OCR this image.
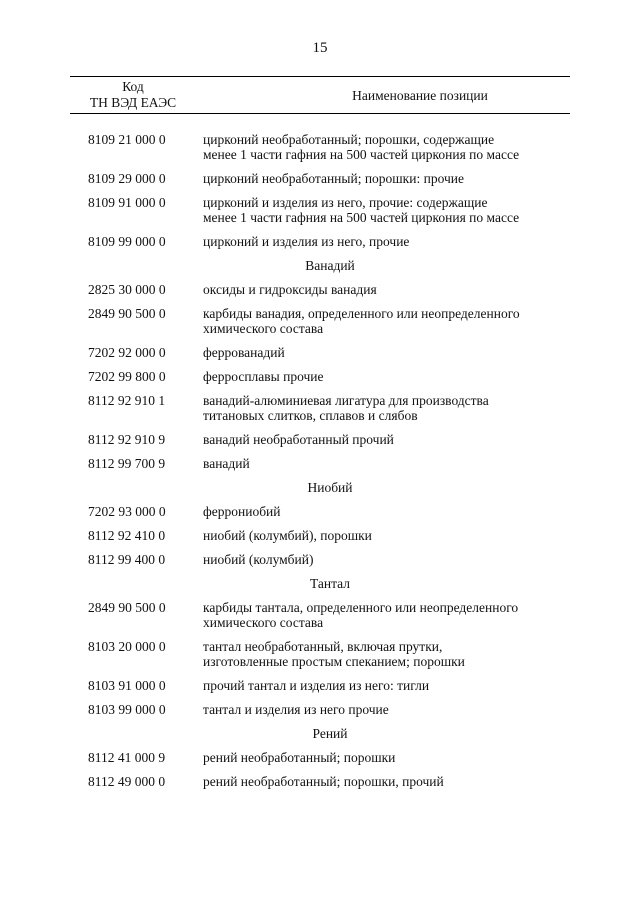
15
Код
ТН ВЭД ЕАЭС	Наименование позиции
8109 21 000 0	цирконий необработанный; порошки, содержащие
менее 1 части гафния на 500 частей циркония по массе
8109 29 000 0	цирконий необработанный; порошки: прочие
8109 91 000 0	цирконий и изделия из него, прочие: содержащие
менее 1 части гафния на 500 частей циркония по массе
8109 99 000 0	цирконий и изделия из него, прочие
Ванадий
2825 30 000 0	оксиды и гидроксиды ванадия
2849 90 500 0	карбиды ванадия, определенного или неопределенного
химического состава
7202 92 000 0	феррованадий
7202 99 800 0	ферросплавы прочие
8112 92 910 1	ванадий-алюминиевая лигатура для производства
титановых слитков, сплавов и слябов
8112 92 910 9	ванадий необработанный прочий
8112 99 700 9	ванадий
Ниобий
7202 93 000 0	феррониобий
8112 92 410 0	ниобий (колумбий), порошки
8112 99 400 0	ниобий (колумбий)
Тантал
2849 90 500 0	карбиды тантала, определенного или неопределенного
химического состава
8103 20 000 0	тантал необработанный, включая прутки,
изготовленные простым спеканием; порошки
8103 91 000 0	прочий тантал и изделия из него: тигли
8103 99 000 0	тантал и изделия из него прочие
Рений
8112 41 000 9	рений необработанный; порошки
8112 49 000 0	рений необработанный; порошки, прочий
